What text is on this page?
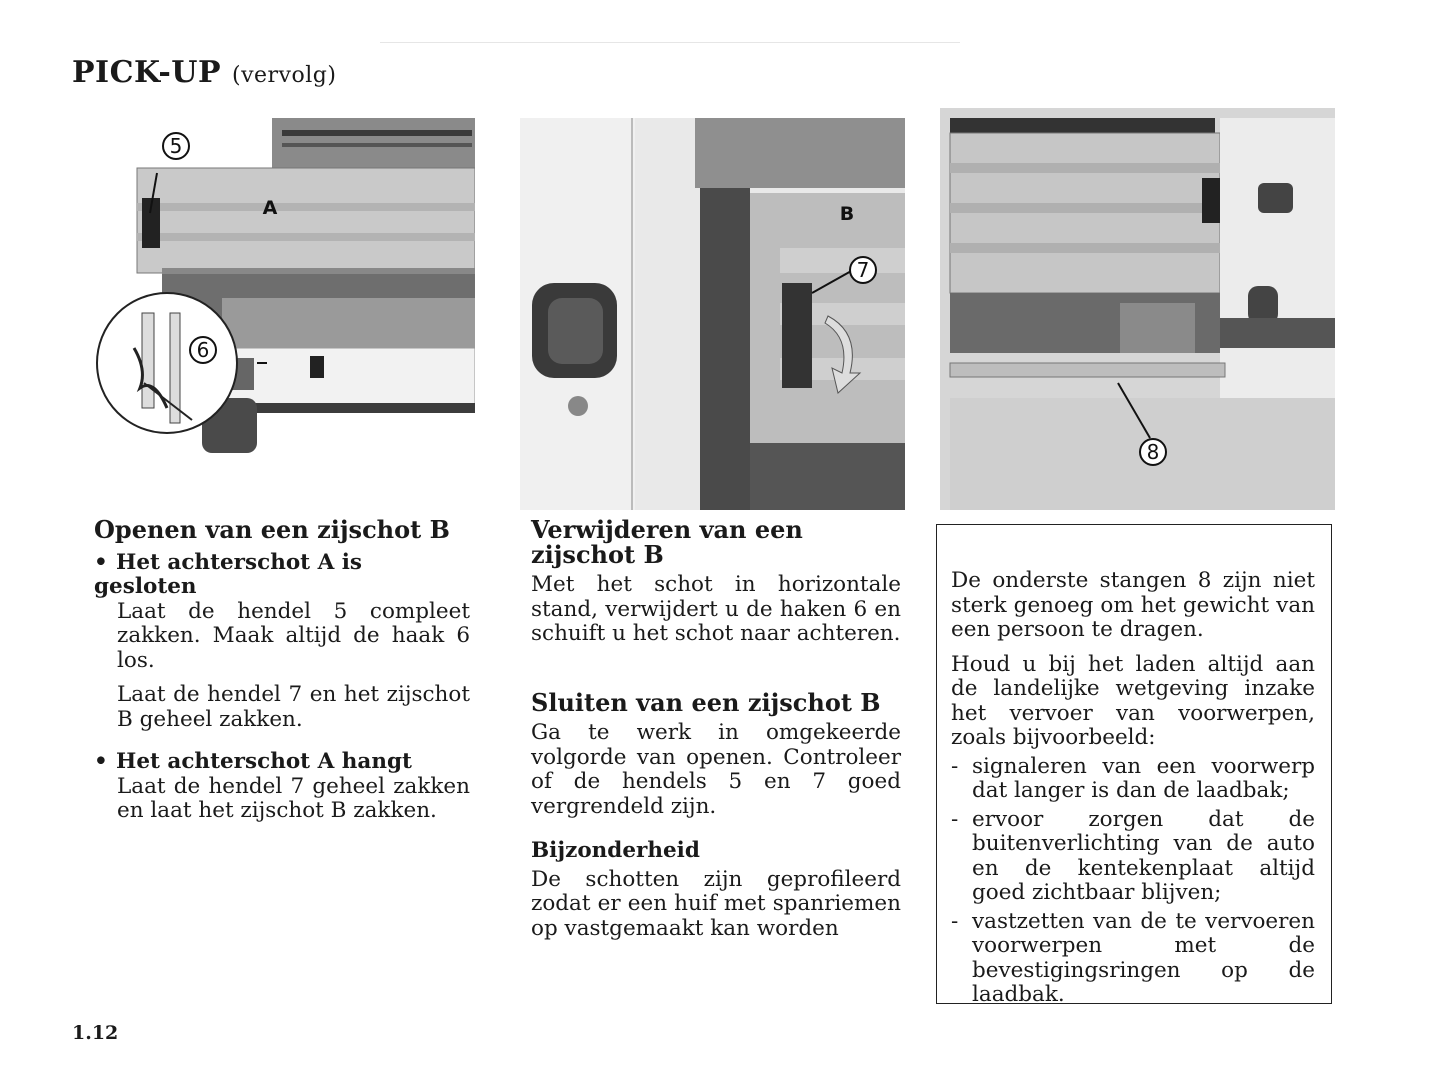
PICK-UP (vervolg)
5
A
6
B
7
8
Openen van een zijschot B
• Het achterschot A is gesloten

Laat de hendel 5 compleet zakken. Maak altijd de haak 6 los.

Laat de hendel 7 en het zijschot B geheel zakken.

• Het achterschot A hangt

Laat de hendel 7 geheel zakken en laat het zijschot B zakken.

Verwijderen van een zijschot B

Met het schot in horizontale stand, verwijdert u de haken 6 en schuift u het schot naar achteren.

Sluiten van een zijschot B

Ga te werk in omgekeerde volgorde van openen. Controleer of de hendels 5 en 7 goed vergrendeld zijn.

Bijzonderheid

De schotten zijn geprofileerd zodat er een huif met spanriemen op vastgemaakt kan worden

De onderste stangen 8 zijn niet sterk genoeg om het gewicht van een persoon te dragen.

Houd u bij het laden altijd aan de landelijke wetgeving inzake het vervoer van voorwerpen, zoals bijvoorbeeld:

- signaleren van een voorwerp dat langer is dan de laadbak;
- ervoor zorgen dat de buitenverlichting van de auto en de kentekenplaat altijd goed zichtbaar blijven;
- vastzetten van de te vervoeren voorwerpen met de bevestigingsringen op de laadbak.
1.12
